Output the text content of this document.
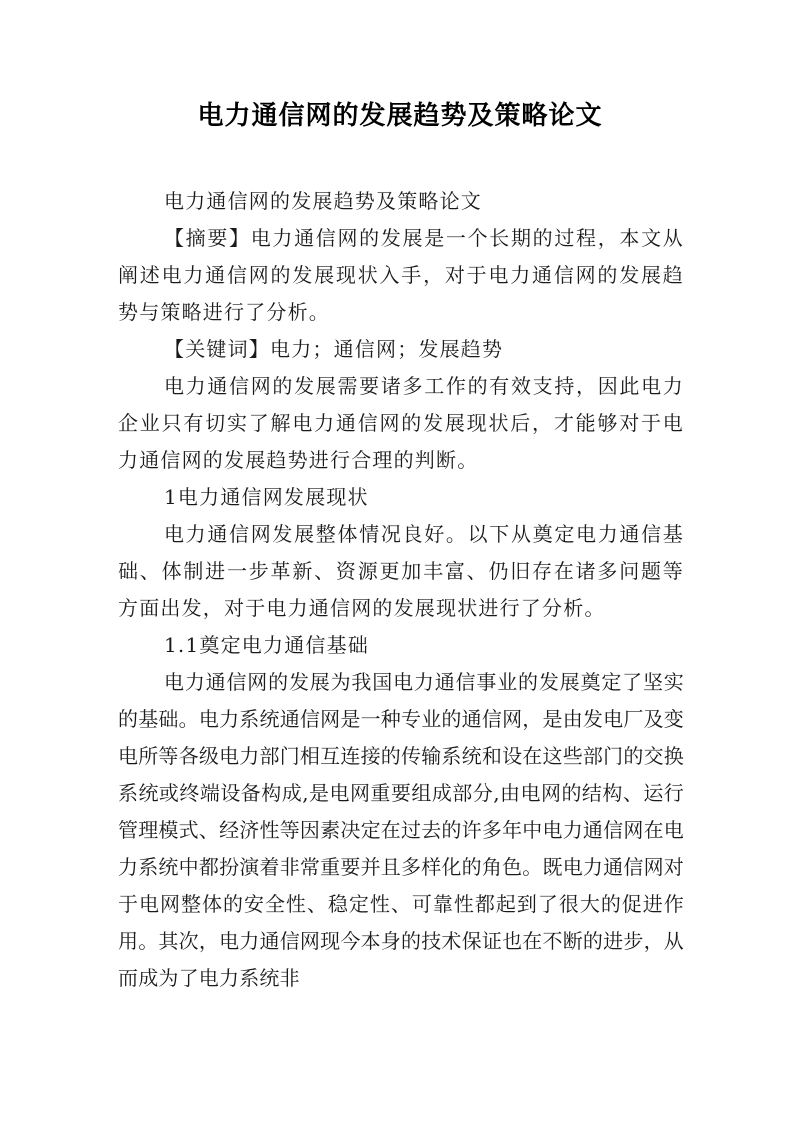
电力通信网的发展趋势及策略论文

电力通信网的发展趋势及策略论文

【摘要】电力通信网的发展是一个长期的过程，本文从阐述电力通信网的发展现状入手，对于电力通信网的发展趋势与策略进行了分析。

【关键词】电力；通信网；发展趋势

电力通信网的发展需要诸多工作的有效支持，因此电力企业只有切实了解电力通信网的发展现状后，才能够对于电力通信网的发展趋势进行合理的判断。

1电力通信网发展现状

电力通信网发展整体情况良好。以下从奠定电力通信基础、体制进一步革新、资源更加丰富、仍旧存在诸多问题等方面出发，对于电力通信网的发展现状进行了分析。

1.1奠定电力通信基础

电力通信网的发展为我国电力通信事业的发展奠定了坚实的基础。电力系统通信网是一种专业的通信网，是由发电厂及变电所等各级电力部门相互连接的传输系统和设在这些部门的交换系统或终端设备构成,是电网重要组成部分,由电网的结构、运行管理模式、经济性等因素决定在过去的许多年中电力通信网在电力系统中都扮演着非常重要并且多样化的角色。既电力通信网对于电网整体的安全性、稳定性、可靠性都起到了很大的促进作用。其次，电力通信网现今本身的技术保证也在不断的进步，从而成为了电力系统非
